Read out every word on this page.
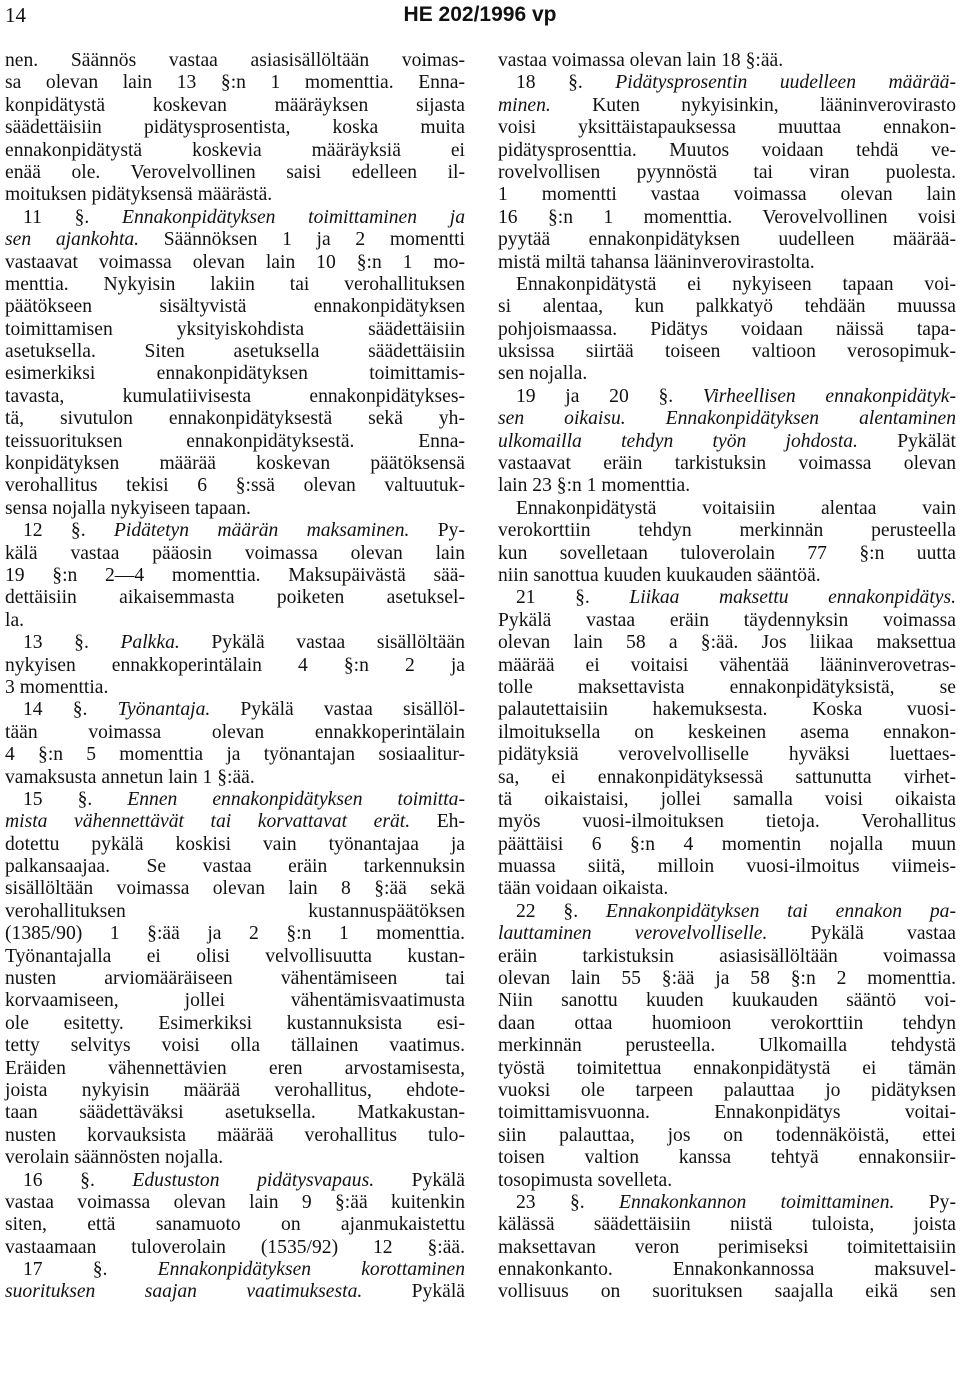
14	HE 202/1996 vp
nen. Säännös vastaa asiasisällöltään voimas-
sa olevan lain 13 §:n 1 momenttia. Enna-
konpidätystä koskevan määräyksen sijasta
säädettäisiin pidätysprosentista, koska muita
ennakonpidätystä koskevia määräyksiä ei
enää ole. Verovelvollinen saisi edelleen il-
moituksen pidätyksensä määrästä.
11 §. Ennakonpidätyksen toimittaminen ja
sen ajankohta. Säännöksen 1 ja 2 momentti
vastaavat voimassa olevan lain 10 §:n 1 mo-
menttia. Nykyisin lakiin tai verohallituksen
päätökseen sisältyvistä ennakonpidätyksen
toimittamisen yksityiskohdista säädettäisiin
asetuksella. Siten asetuksella säädettäisiin
esimerkiksi ennakonpidätyksen toimittamis-
tavasta, kumulatiivisesta ennakonpidätykses-
tä, sivutulon ennakonpidätyksestä sekä yh-
teissuorituksen ennakonpidätyksestä. Enna-
konpidätyksen määrää koskevan päätöksensä
verohallitus tekisi 6 §:ssä olevan valtuutuk-
sensa nojalla nykyiseen tapaan.
12 §. Pidätetyn määrän maksaminen. Py-
kälä vastaa pääosin voimassa olevan lain
19 §:n 2—4 momenttia. Maksupäivästä sää-
dettäisiin aikaisemmasta poiketen asetuksel-
la.
13 §. Palkka. Pykälä vastaa sisällöltään
nykyisen ennakkoperintälain 4 §:n 2 ja
3 momenttia.
14 §. Työnantaja. Pykälä vastaa sisällöl-
tään voimassa olevan ennakkoperintälain
4 §:n 5 momenttia ja työnantajan sosiaalitur-
vamaksusta annetun lain 1 §:ää.
15 §. Ennen ennakonpidätyksen toimitta-
mista vähennettävät tai korvattavat erät. Eh-
dotettu pykälä koskisi vain työnantajaa ja
palkansaajaa. Se vastaa eräin tarkennuksin
sisällöltään voimassa olevan lain 8 §:ää sekä
verohallituksen kustannuspäätöksen
(1385/90) 1 §:ää ja 2 §:n 1 momenttia.
Työnantajalla ei olisi velvollisuutta kustan-
nusten arviomääräiseen vähentämiseen tai
korvaamiseen, jollei vähentämisvaatimusta
ole esitetty. Esimerkiksi kustannuksista esi-
tetty selvitys voisi olla tällainen vaatimus.
Eräiden vähennettävien eren arvostamisesta,
joista nykyisin määrää verohallitus, ehdote-
taan säädettäväksi asetuksella. Matkakustan-
nusten korvauksista määrää verohallitus tulo-
verolain säännösten nojalla.
16 §. Edustuston pidätysvapaus. Pykälä
vastaa voimassa olevan lain 9 §:ää kuitenkin
siten, että sanamuoto on ajanmukaistettu
vastaamaan tuloverolain (1535/92) 12 §:ää.
17 §. Ennakonpidätyksen korottaminen
suorituksen saajan vaatimuksesta. Pykälä
vastaa voimassa olevan lain 18 §:ää.
18 §. Pidätysprosentin uudelleen määrää-
minen. Kuten nykyisinkin, lääninverovirasto
voisi yksittäistapauksessa muuttaa ennakon-
pidätysprosenttia. Muutos voidaan tehdä ve-
rovelvollisen pyynnöstä tai viran puolesta.
1 momentti vastaa voimassa olevan lain
16 §:n 1 momenttia. Verovelvollinen voisi
pyytää ennakonpidätyksen uudelleen määrää-
mistä miltä tahansa lääninverovirastolta.
Ennakonpidätystä ei nykyiseen tapaan voi-
si alentaa, kun palkkatyö tehdään muussa
pohjoismaassa. Pidätys voidaan näissä tapa-
uksissa siirtää toiseen valtioon verosopimuk-
sen nojalla.
19 ja 20 §. Virheellisen ennakonpidätyk-
sen oikaisu. Ennakonpidätyksen alentaminen
ulkomailla tehdyn työn johdosta. Pykälät
vastaavat eräin tarkistuksin voimassa olevan
lain 23 §:n 1 momenttia.
Ennakonpidätystä voitaisiin alentaa vain
verokorttiin tehdyn merkinnän perusteella
kun sovelletaan tuloverolain 77 §:n uutta
niin sanottua kuuden kuukauden sääntöä.
21 §. Liikaa maksettu ennakonpidätys.
Pykälä vastaa eräin täydennyksin voimassa
olevan lain 58 a §:ää. Jos liikaa maksettua
määrää ei voitaisi vähentää lääninverovetras-
tolle maksettavista ennakonpidätyksistä, se
palautettaisiin hakemuksesta. Koska vuosi-
ilmoituksella on keskeinen asema ennakon-
pidätyksiä verovelvolliselle hyväksi luettaes-
sa, ei ennakonpidätyksessä sattunutta virhet-
tä oikaistaisi, jollei samalla voisi oikaista
myös vuosi-ilmoituksen tietoja. Verohallitus
päättäisi 6 §:n 4 momentin nojalla muun
muassa siitä, milloin vuosi-ilmoitus viimeis-
tään voidaan oikaista.
22 §. Ennakonpidätyksen tai ennakon pa-
lauttaminen verovelvolliselle. Pykälä vastaa
eräin tarkistuksin asiasisällöltään voimassa
olevan lain 55 §:ää ja 58 §:n 2 momenttia.
Niin sanottu kuuden kuukauden sääntö voi-
daan ottaa huomioon verokorttiin tehdyn
merkinnän perusteella. Ulkomailla tehdystä
työstä toimitettua ennakonpidätystä ei tämän
vuoksi ole tarpeen palauttaa jo pidätyksen
toimittamisvuonna. Ennakonpidätys voitai-
siin palauttaa, jos on todennäköistä, ettei
toisen valtion kanssa tehtyä ennakonsiir-
tosopimusta sovelleta.
23 §. Ennakonkannon toimittaminen. Py-
kälässä säädettäisiin niistä tuloista, joista
maksettavan veron perimiseksi toimitettaisiin
ennakonkanto. Ennakonkannossa maksuvel-
vollisuus on suorituksen saajalla eikä sen
